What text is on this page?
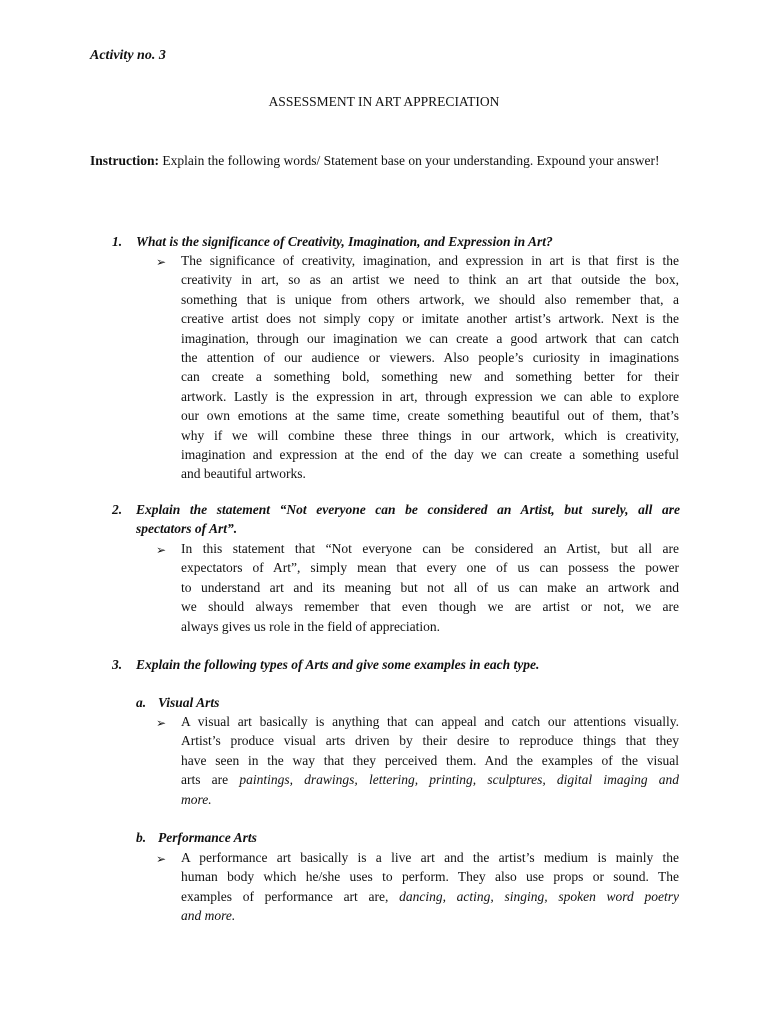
Activity no. 3
ASSESSMENT IN ART APPRECIATION
Instruction: Explain the following words/ Statement base on your understanding. Expound your answer!
1. What is the significance of Creativity, Imagination, and Expression in Art?
➢ The significance of creativity, imagination, and expression in art is that first is the
creativity in art, so as an artist we need to think an art that outside the box,
something that is unique from others artwork, we should also remember that, a
creative artist does not simply copy or imitate another artist’s artwork. Next is the
imagination, through our imagination we can create a good artwork that can catch
the attention of our audience or viewers. Also people’s curiosity in imaginations
can create a something bold, something new and something better for their
artwork. Lastly is the expression in art, through expression we can able to explore
our own emotions at the same time, create something beautiful out of them, that’s
why if we will combine these three things in our artwork, which is creativity,
imagination and expression at the end of the day we can create a something useful
and beautiful artworks.
2. Explain the statement “Not everyone can be considered an Artist, but surely, all are
spectators of Art”.
➢ In this statement that “Not everyone can be considered an Artist, but all are
expectators of Art”, simply mean that every one of us can possess the power
to understand art and its meaning but not all of us can make an artwork and
we should always remember that even though we are artist or not, we are
always gives us role in the field of appreciation.
3. Explain the following types of Arts and give some examples in each type.
a. Visual Arts
➢ A visual art basically is anything that can appeal and catch our attentions visually.
Artist’s produce visual arts driven by their desire to reproduce things that they
have seen in the way that they perceived them. And the examples of the visual
arts are paintings, drawings, lettering, printing, sculptures, digital imaging and
more.
b. Performance Arts
➢ A performance art basically is a live art and the artist’s medium is mainly the
human body which he/she uses to perform. They also use props or sound. The
examples of performance art are, dancing, acting, singing, spoken word poetry
and more.
